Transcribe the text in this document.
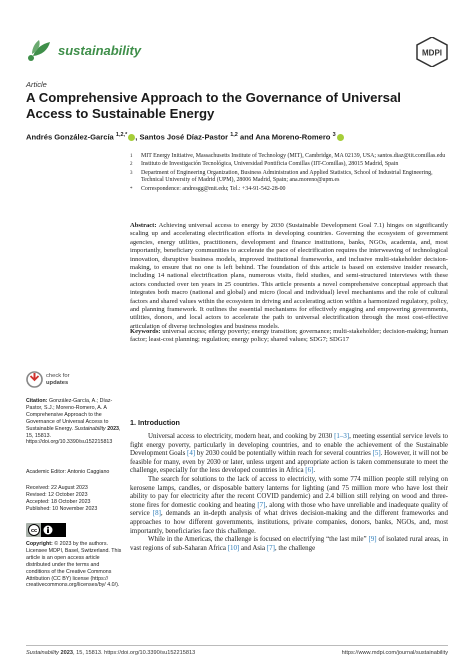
sustainability	MDPI
Article
A Comprehensive Approach to the Governance of Universal Access to Sustainable Energy
Andrés González-García $^{1,2,*}$ , Santos José Díaz-Pastor $^{1,2}$ and Ana Moreno-Romero $^3$
1 MIT Energy Initiative, Massachusetts Institute of Technology (MIT), Cambridge, MA 02139, USA; santos.diaz@iit.comillas.edu
2 Instituto de Investigación Tecnológica, Universidad Pontificia Comillas (IIT-Comillas), 28015 Madrid, Spain
3 Department of Engineering Organization, Business Administration and Applied Statistics, School of Industrial Engineering, Technical University of Madrid (UPM), 28006 Madrid, Spain; ana.moreno@upm.es
* Correspondence: andresgg@mit.edu; Tel.: +34-91-542-28-00
Abstract: Achieving universal access to energy by 2030 (Sustainable Development Goal 7.1) hinges on significantly scaling up and accelerating electrification efforts in developing countries. Governing the ecosystem of government agencies, energy utilities, practitioners, development and finance institutions, banks, NGOs, academia, and, most importantly, beneficiary communities to accelerate the pace of electrification requires the interweaving of technological innovation, disruptive business models, improved institutional frameworks, and inclusive multi-stakeholder decision-making, to ensure that no one is left behind. The foundation of this article is based on extensive insider research, including 14 national electrification plans, numerous visits, field studies, and semi-structured interviews with these actors conducted over ten years in 25 countries. This article presents a novel comprehensive conceptual approach that integrates both macro (national and global) and micro (local and individual) level mechanisms and the role of cultural factors and shared values within the ecosystem in driving and accelerating action within a harmonized regulatory, policy, and planning framework. It outlines the essential mechanisms for effectively engaging and empowering governments, utilities, donors, and local actors to accelerate the path to universal electrification through the most cost-effective articulation of diverse technologies and business models.
Keywords: universal access; energy poverty; energy transition; governance; multi-stakeholder; decision-making; human factor; least-cost planning; regulation; energy policy; shared values; SDG7; SDG17
check for
updates
Citation: González-García, A.; Díaz-Pastor, S.J.; Moreno-Romero, A. A Comprehensive Approach to the Governance of Universal Access to Sustainable Energy. Sustainability 2023, 15, 15813. https://doi.org/10.3390/su152215813
Academic Editor: Antonio Caggiano
Received: 22 August 2023
Revised: 12 October 2023
Accepted: 18 October 2023
Published: 10 November 2023
cc
Copyright: © 2023 by the authors. Licensee MDPI, Basel, Switzerland. This article is an open access article distributed under the terms and conditions of the Creative Commons Attribution (CC BY) license (https:// creativecommons.org/licenses/by/ 4.0/).
1. Introduction

Universal access to electricity, modern heat, and cooking by 2030 [1–3], meeting essential service levels to fight energy poverty, particularly in developing countries, and to enable the achievement of the Sustainable Development Goals [4] by 2030 could be potentially within reach for several countries [5]. However, it will not be feasible for many, even by 2030 or later, unless urgent and appropriate action is taken commensurate to meet the challenge, especially for the less developed countries in Africa [6].

The search for solutions to the lack of access to electricity, with some 774 million people still relying on kerosene lamps, candles, or disposable battery lanterns for lighting (and 75 million more who have lost their ability to pay for electricity after the recent COVID pandemic) and 2.4 billion still relying on wood and three-stone fires for domestic cooking and heating [7], along with those who have unreliable and inadequate quality of service [8], demands an in-depth analysis of what drives decision-making and the different frameworks and approaches to how different governments, institutions, private companies, donors, banks, NGOs, and, most importantly, beneficiaries face this challenge.

While in the Americas, the challenge is focused on electrifying “the last mile” [9] of isolated rural areas, in vast regions of sub-Saharan Africa [10] and Asia [7], the challenge

Sustainability 2023, 15, 15813. https://doi.org/10.3390/su152215813	https://www.mdpi.com/journal/sustainability
